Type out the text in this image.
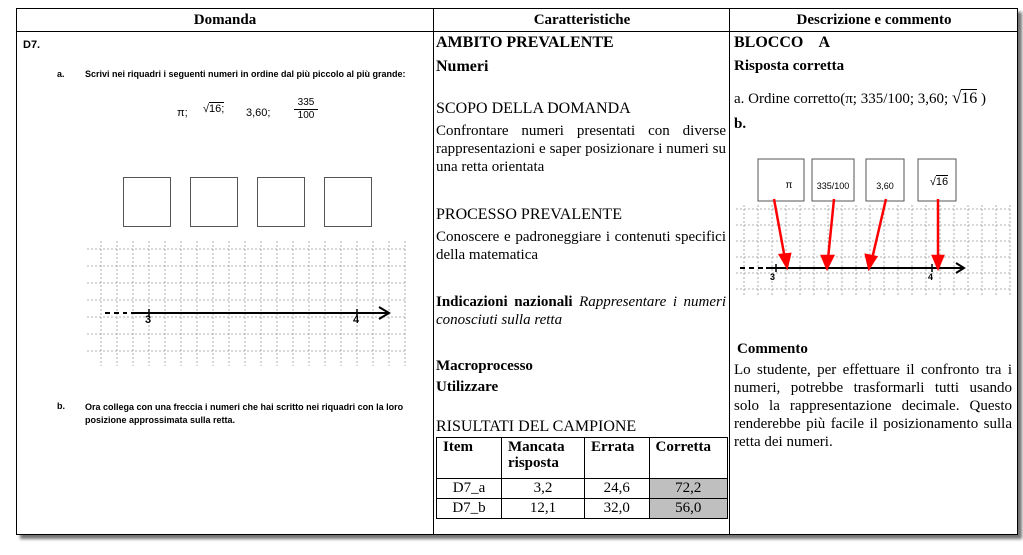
Domanda
D7.
a. Scrivi nei riquadri i seguenti numeri in ordine dal più piccolo al più grande:
π; √16; 3,60; $\frac{335}{100}$
3	4
b. Ora collega con una freccia i numeri che hai scritto nei riquadri con la loro posizione approssimata sulla retta.
Caratteristiche
AMBITO PREVALENTE
Numeri
SCOPO DELLA DOMANDA
Confrontare numeri presentati con diverse rappresentazioni e saper posizionare i numeri su una retta orientata
PROCESSO PREVALENTE
Conoscere e padroneggiare i contenuti specifici della matematica
Indicazioni nazionali Rappresentare i numeri conosciuti sulla retta
Macroprocesso
Utilizzare
RISULTATI DEL CAMPIONE
Item	Mancata risposta	Errata	Corretta
D7_a	3,2	24,6	72,2
D7_b	12,1	32,0	56,0
Descrizione e commento
BLOCCO    A
Risposta corretta
a. Ordine corretto(π; 335/100; 3,60; √16 )
b.
π	335/100	3,60	√16
3	4
Commento
Lo studente, per effettuare il confronto tra i numeri, potrebbe trasformarli tutti usando solo la rappresentazione decimale. Questo renderebbe più facile il posizionamento sulla retta dei numeri.
